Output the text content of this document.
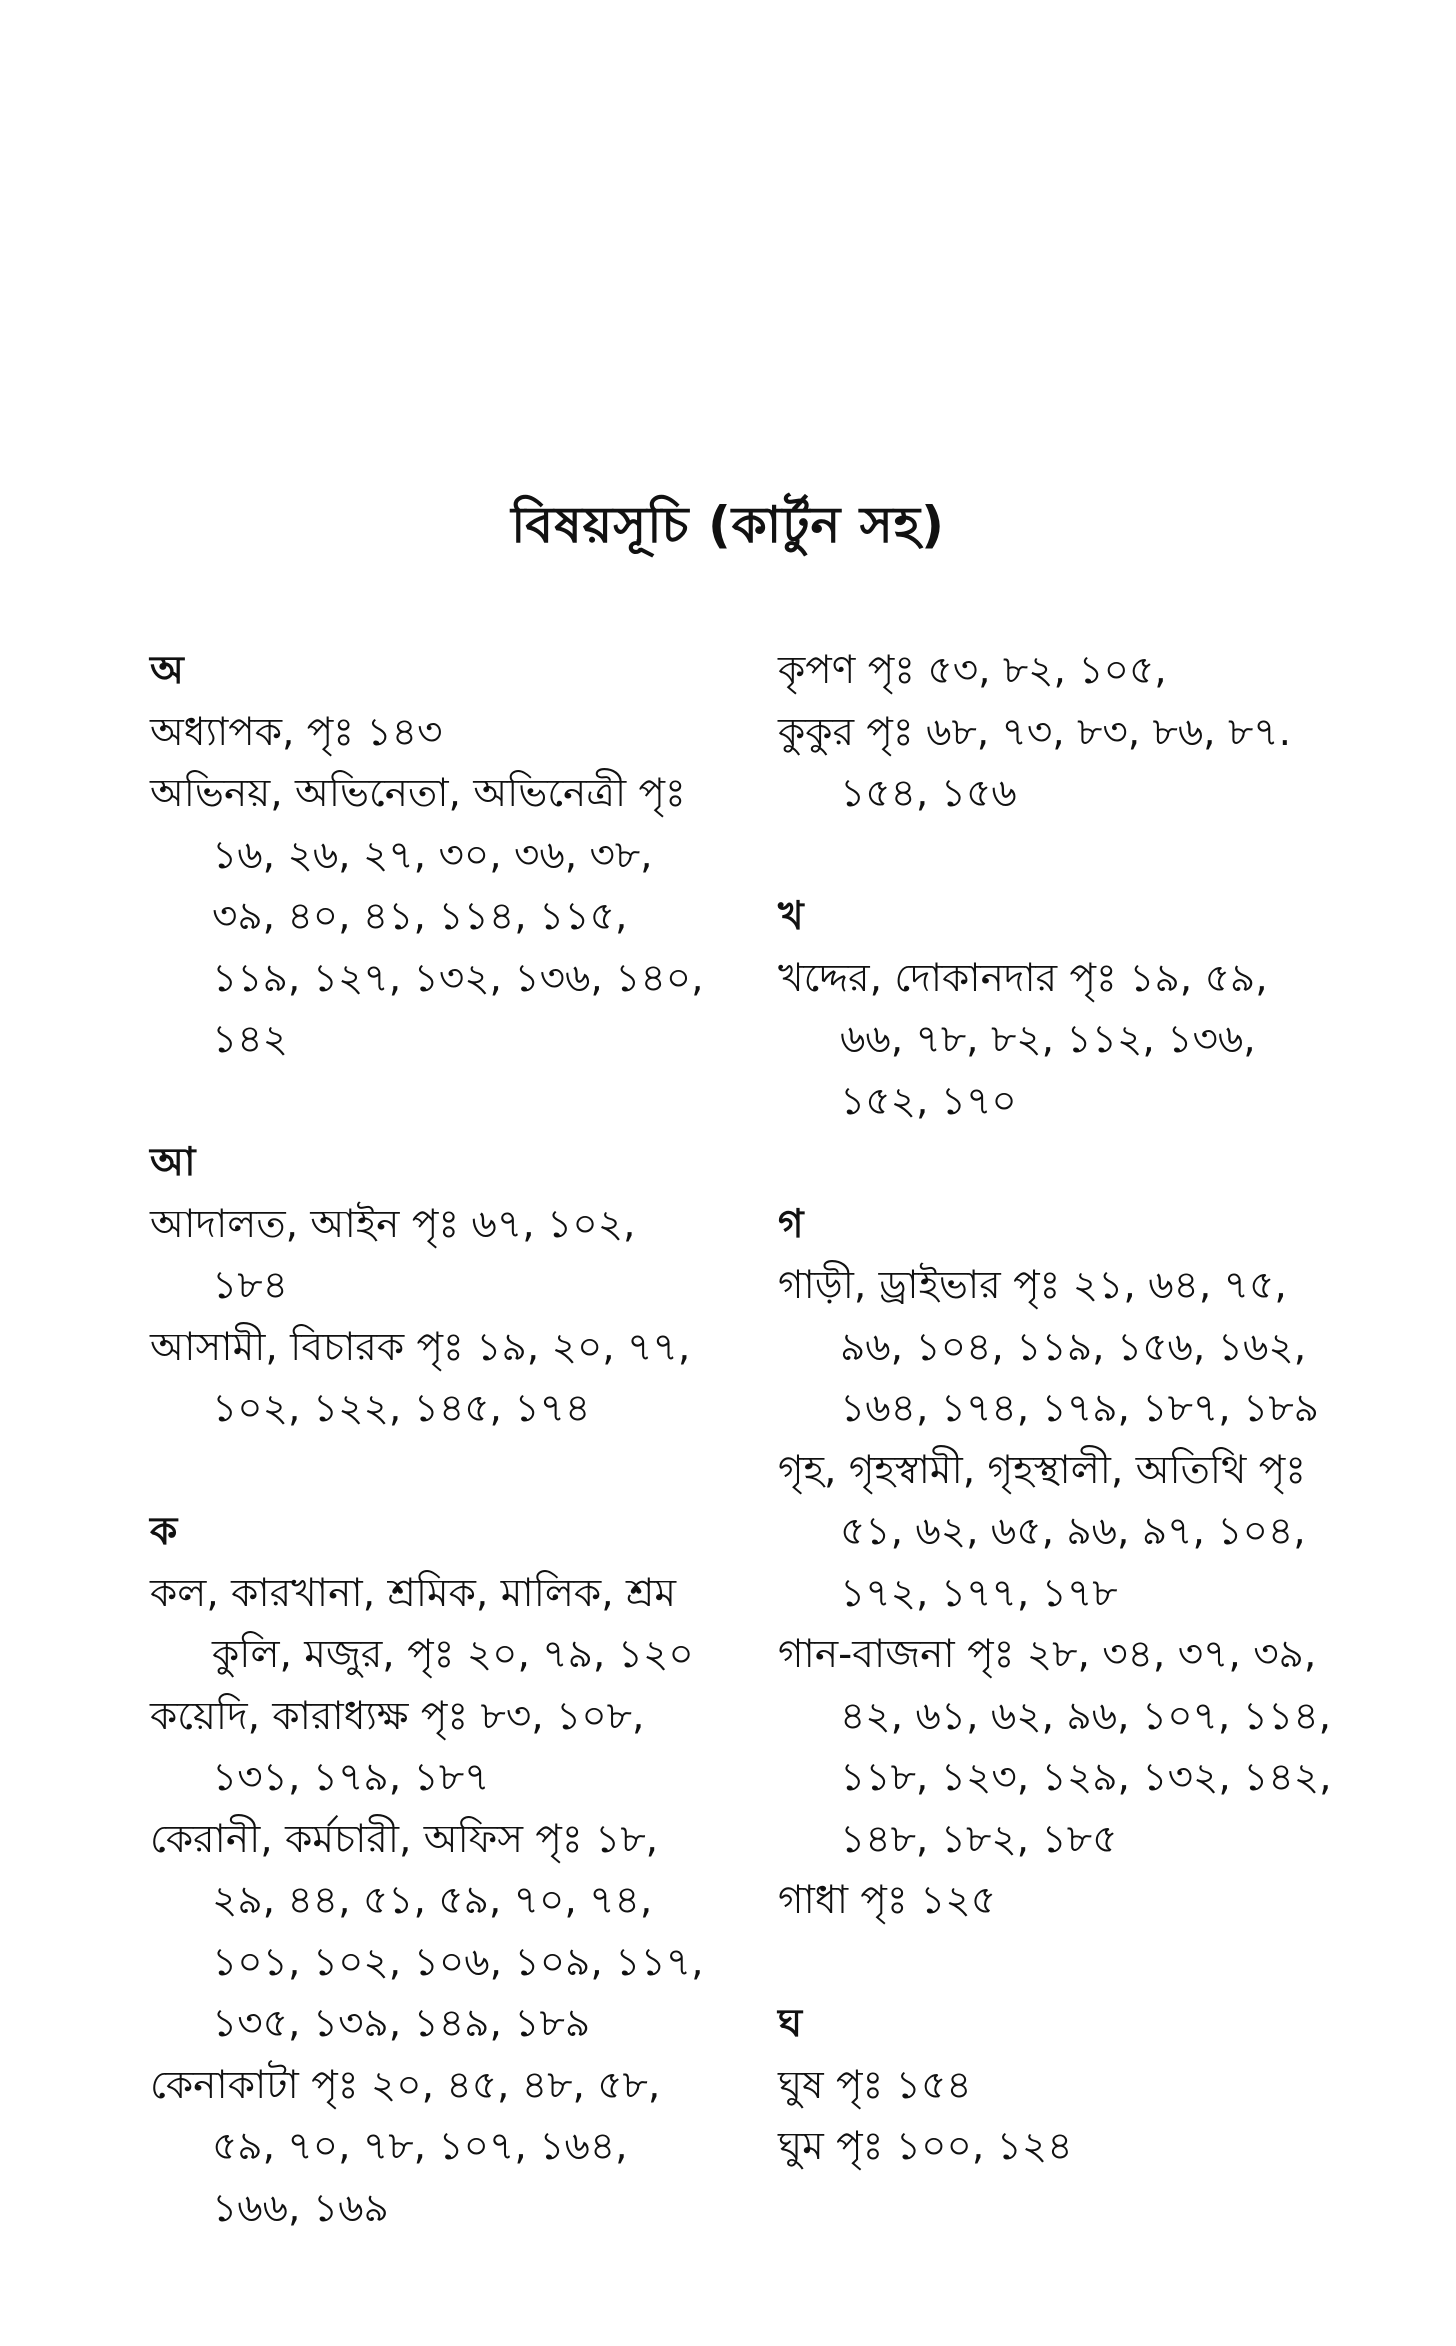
বিষয়সূচি (কার্টুন সহ)
অ
অধ্যাপক, পৃঃ ১৪৩
অভিনয়, অভিনেতা, অভিনেত্রী পৃঃ
১৬, ২৬, ২৭, ৩০, ৩৬, ৩৮,
৩৯, ৪০, ৪১, ১১৪, ১১৫,
১১৯, ১২৭, ১৩২, ১৩৬, ১৪০,
১৪২
আ
আদালত, আইন পৃঃ ৬৭, ১০২,
১৮৪
আসামী, বিচারক পৃঃ ১৯, ২০, ৭৭,
১০২, ১২২, ১৪৫, ১৭৪
ক
কল, কারখানা, শ্রমিক, মালিক, শ্রম
কুলি, মজুর, পৃঃ ২০, ৭৯, ১২০
কয়েদি, কারাধ্যক্ষ পৃঃ ৮৩, ১০৮,
১৩১, ১৭৯, ১৮৭
কেরানী, কর্মচারী, অফিস পৃঃ ১৮,
২৯, ৪৪, ৫১, ৫৯, ৭০, ৭৪,
১০১, ১০২, ১০৬, ১০৯, ১১৭,
১৩৫, ১৩৯, ১৪৯, ১৮৯
কেনাকাটা পৃঃ ২০, ৪৫, ৪৮, ৫৮,
৫৯, ৭০, ৭৮, ১০৭, ১৬৪,
১৬৬, ১৬৯
কৃপণ পৃঃ ৫৩, ৮২, ১০৫,
কুকুর পৃঃ ৬৮, ৭৩, ৮৩, ৮৬, ৮৭.
১৫৪, ১৫৬
খ
খদ্দের, দোকানদার পৃঃ ১৯, ৫৯,
৬৬, ৭৮, ৮২, ১১২, ১৩৬,
১৫২, ১৭০
গ
গাড়ী, ড্রাইভার পৃঃ ২১, ৬৪, ৭৫,
৯৬, ১০৪, ১১৯, ১৫৬, ১৬২,
১৬৪, ১৭৪, ১৭৯, ১৮৭, ১৮৯
গৃহ, গৃহস্বামী, গৃহস্থালী, অতিথি পৃঃ
৫১, ৬২, ৬৫, ৯৬, ৯৭, ১০৪,
১৭২, ১৭৭, ১৭৮
গান-বাজনা পৃঃ ২৮, ৩৪, ৩৭, ৩৯,
৪২, ৬১, ৬২, ৯৬, ১০৭, ১১৪,
১১৮, ১২৩, ১২৯, ১৩২, ১৪২,
১৪৮, ১৮২, ১৮৫
গাধা পৃঃ ১২৫
ঘ
ঘুষ পৃঃ ১৫৪
ঘুম পৃঃ ১০০, ১২৪
